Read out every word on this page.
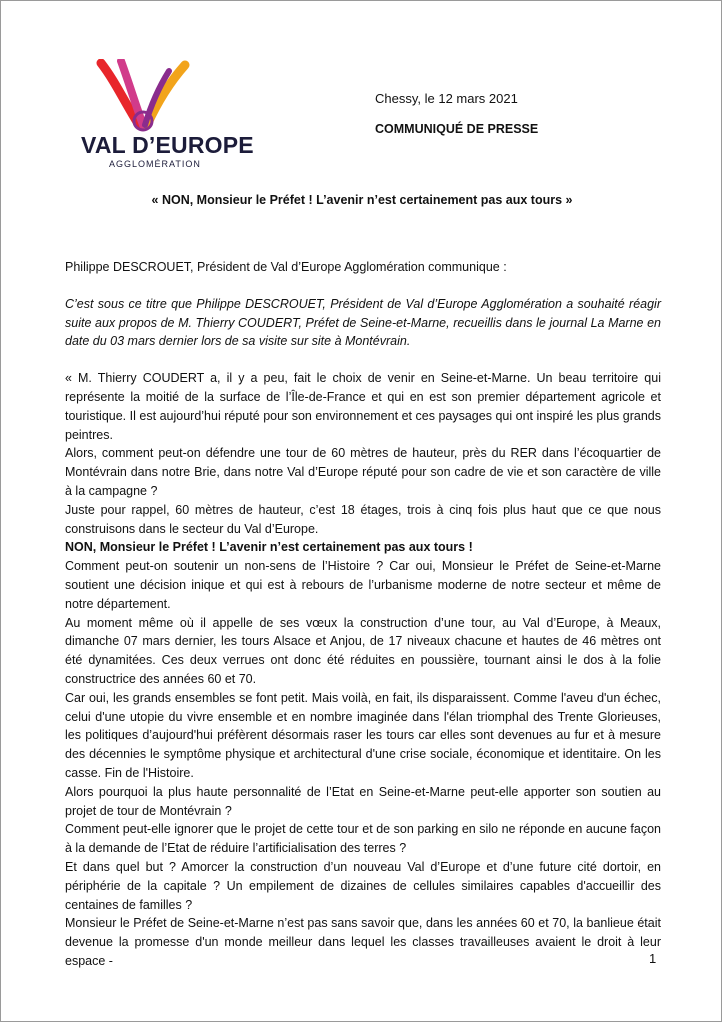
VAL D’EUROPE
AGGLOMÉRATION
Chessy, le 12 mars 2021
COMMUNIQUÉ DE PRESSE
« NON, Monsieur le Préfet ! L’avenir n’est certainement pas aux tours »

Philippe DESCROUET, Président de Val d’Europe Agglomération communique :

C’est sous ce titre que Philippe DESCROUET, Président de Val d’Europe Agglomération a souhaité réagir suite aux propos de M. Thierry COUDERT, Préfet de Seine-et-Marne, recueillis dans le journal La Marne en date du 03 mars dernier lors de sa visite sur site à Montévrain.

« M. Thierry COUDERT a, il y a peu, fait le choix de venir en Seine-et-Marne. Un beau territoire qui représente la moitié de la surface de l’Île-de-France et qui en est son premier département agricole et touristique. Il est aujourd’hui réputé pour son environnement et ces paysages qui ont inspiré les plus grands peintres.

Alors, comment peut-on défendre une tour de 60 mètres de hauteur, près du RER dans l’écoquartier de Montévrain dans notre Brie, dans notre Val d’Europe réputé pour son cadre de vie et son caractère de ville à la campagne ?

Juste pour rappel, 60 mètres de hauteur, c’est 18 étages, trois à cinq fois plus haut que ce que nous construisons dans le secteur du Val d’Europe.

NON, Monsieur le Préfet ! L’avenir n’est certainement pas aux tours !

Comment peut-on soutenir un non-sens de l’Histoire ? Car oui, Monsieur le Préfet de Seine-et-Marne soutient une décision inique et qui est à rebours de l’urbanisme moderne de notre secteur et même de notre département.

Au moment même où il appelle de ses vœux la construction d’une tour, au Val d’Europe, à Meaux, dimanche 07 mars dernier, les tours Alsace et Anjou, de 17 niveaux chacune et hautes de 46 mètres ont été dynamitées. Ces deux verrues ont donc été réduites en poussière, tournant ainsi le dos à la folie constructrice des années 60 et 70.

Car oui, les grands ensembles se font petit. Mais voilà, en fait, ils disparaissent. Comme l'aveu d'un échec, celui d'une utopie du vivre ensemble et en nombre imaginée dans l'élan triomphal des Trente Glorieuses, les politiques d’aujourd'hui préfèrent désormais raser les tours car elles sont devenues au fur et à mesure des décennies le symptôme physique et architectural d'une crise sociale, économique et identitaire. On les casse. Fin de l'Histoire.

Alors pourquoi la plus haute personnalité de l’Etat en Seine-et-Marne peut-elle apporter son soutien au projet de tour de Montévrain ?

Comment peut-elle ignorer que le projet de cette tour et de son parking en silo ne réponde en aucune façon à la demande de l’Etat de réduire l’artificialisation des terres ?

Et dans quel but ? Amorcer la construction d’un nouveau Val d’Europe et d’une future cité dortoir, en périphérie de la capitale ? Un empilement de dizaines de cellules similaires capables d'accueillir des centaines de familles ?

Monsieur le Préfet de Seine-et-Marne n’est pas sans savoir que, dans les années 60 et 70, la banlieue était devenue la promesse d'un monde meilleur dans lequel les classes travailleuses avaient le droit à leur espace -	1
